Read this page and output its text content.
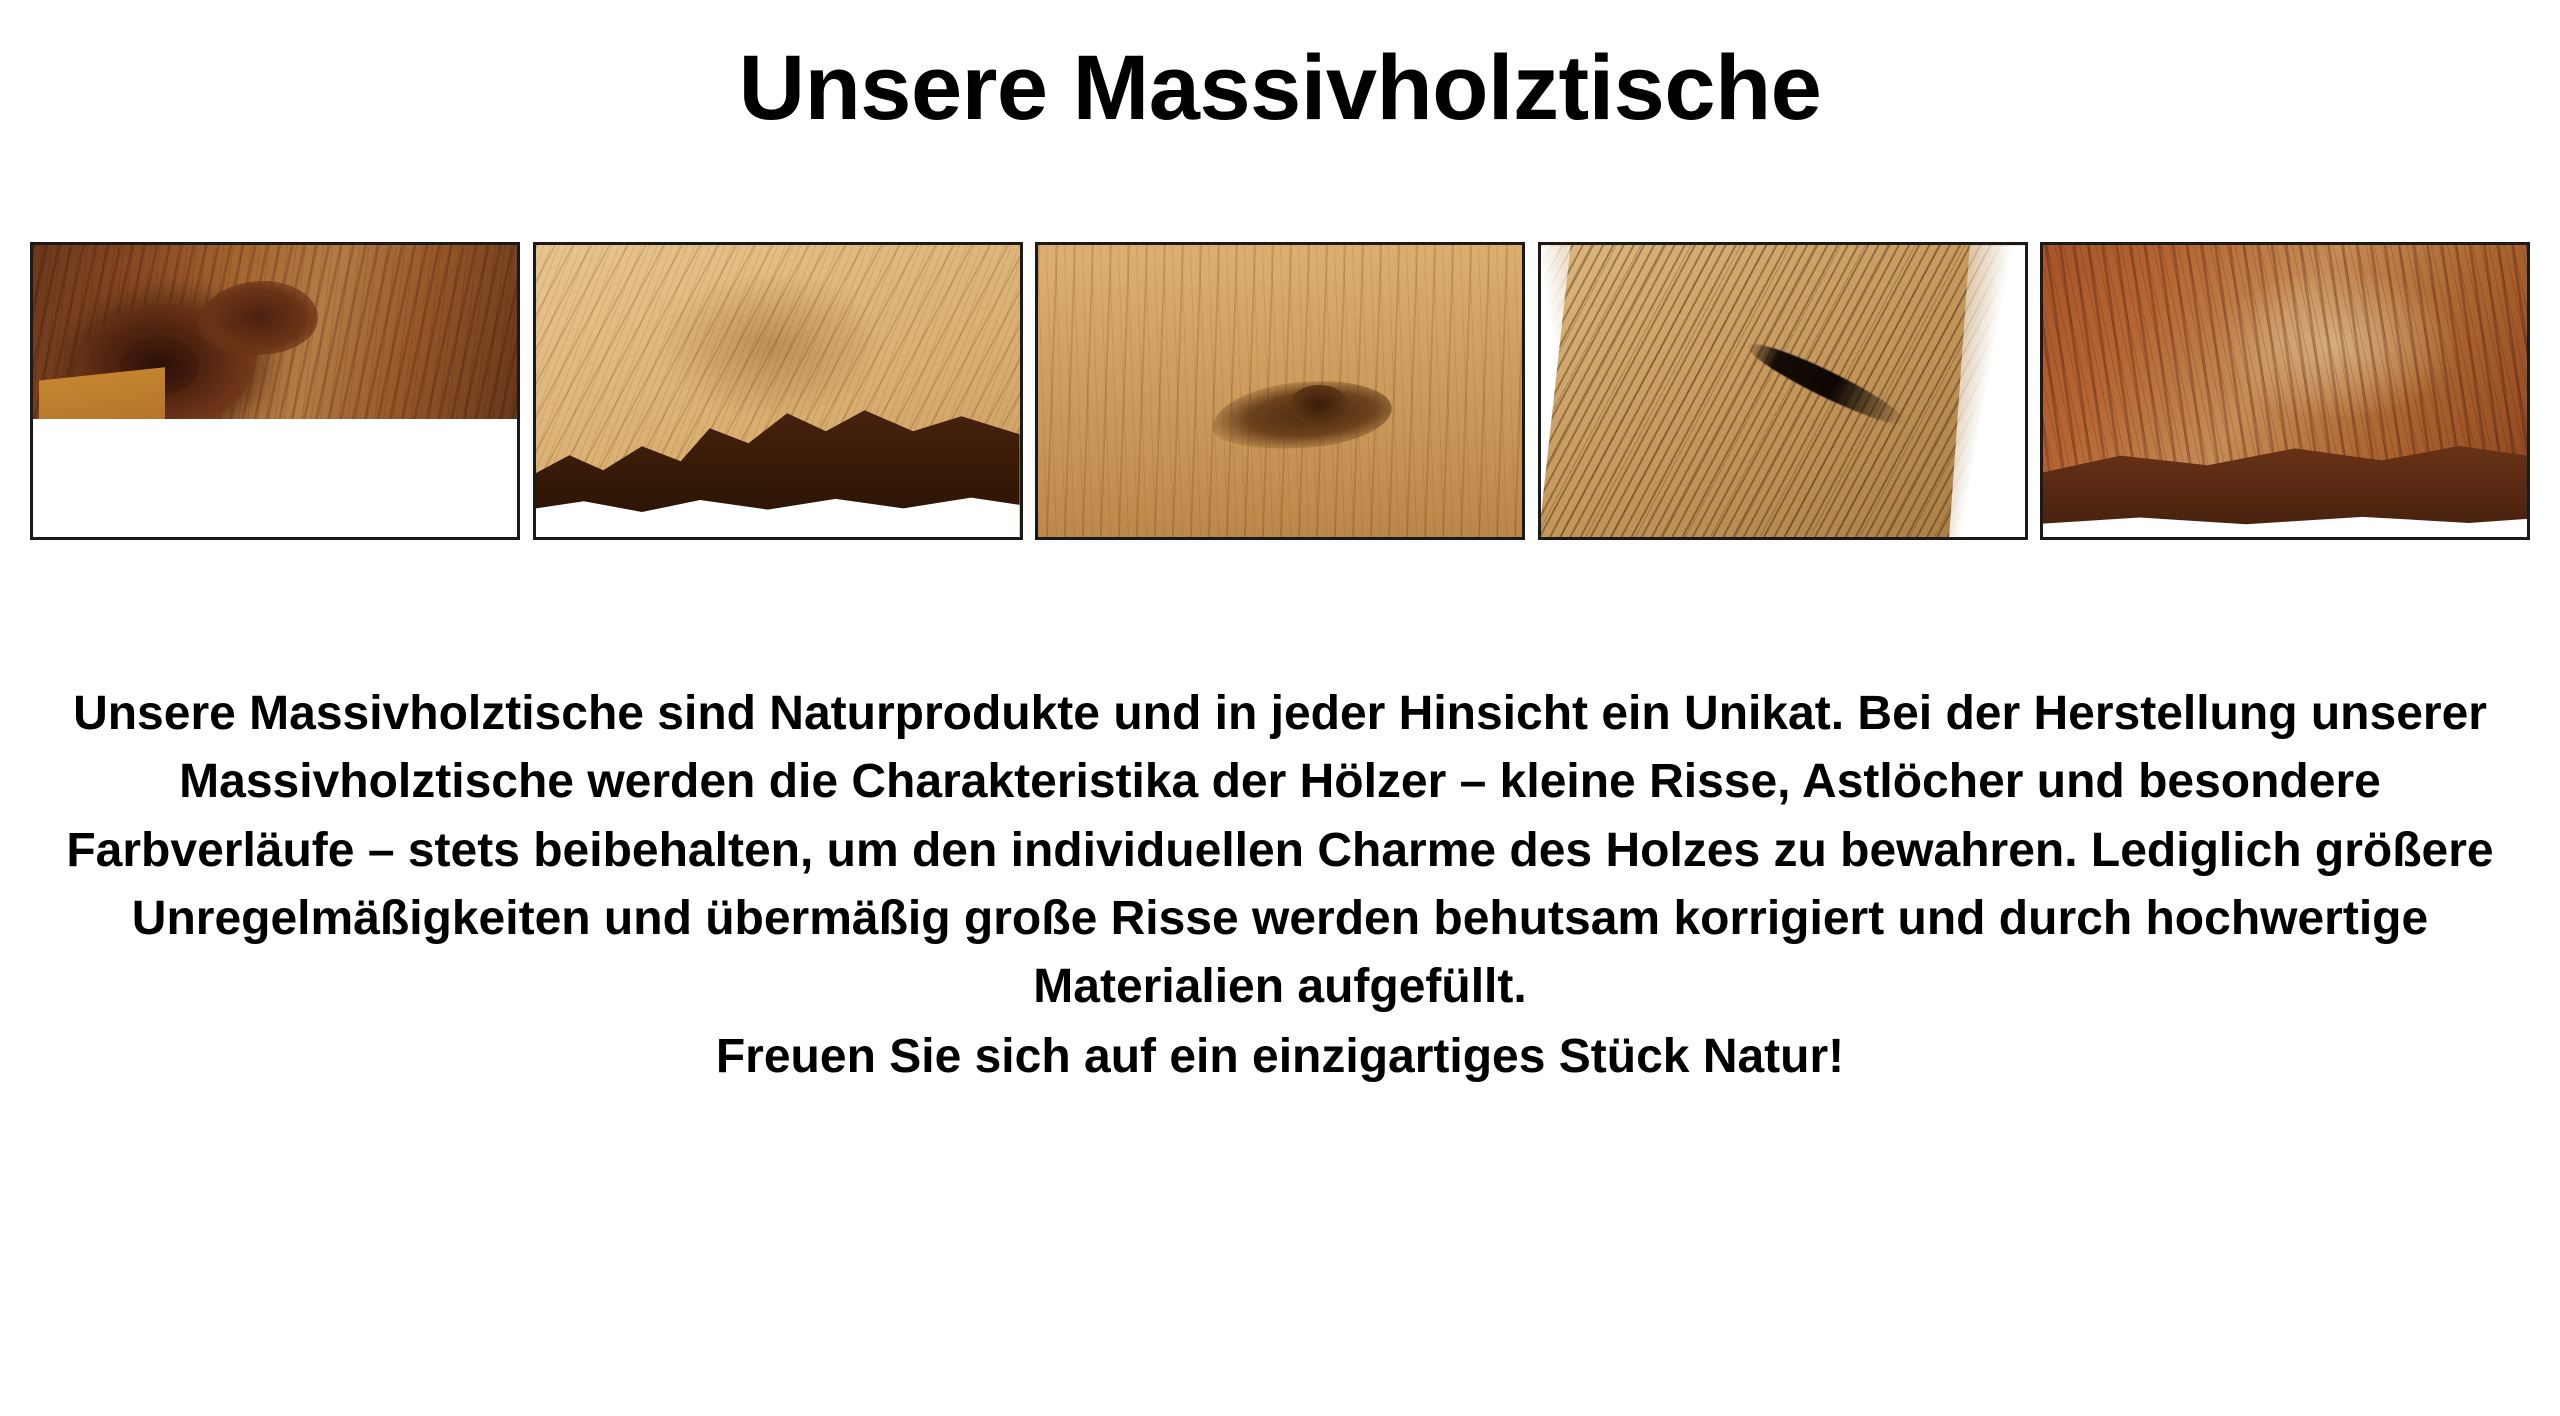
Unsere Massivholztische

Unsere Massivholztische sind Naturprodukte und in jeder Hinsicht ein Unikat. Bei der Herstellung unserer Massivholztische werden die Charakteristika der Hölzer – kleine Risse, Astlöcher und besondere Farbverläufe – stets beibehalten, um den individuellen Charme des Holzes zu bewahren. Lediglich größere Unregelmäßigkeiten und übermäßig große Risse werden behutsam korrigiert und durch hochwertige Materialien aufgefüllt.

Freuen Sie sich auf ein einzigartiges Stück Natur!
